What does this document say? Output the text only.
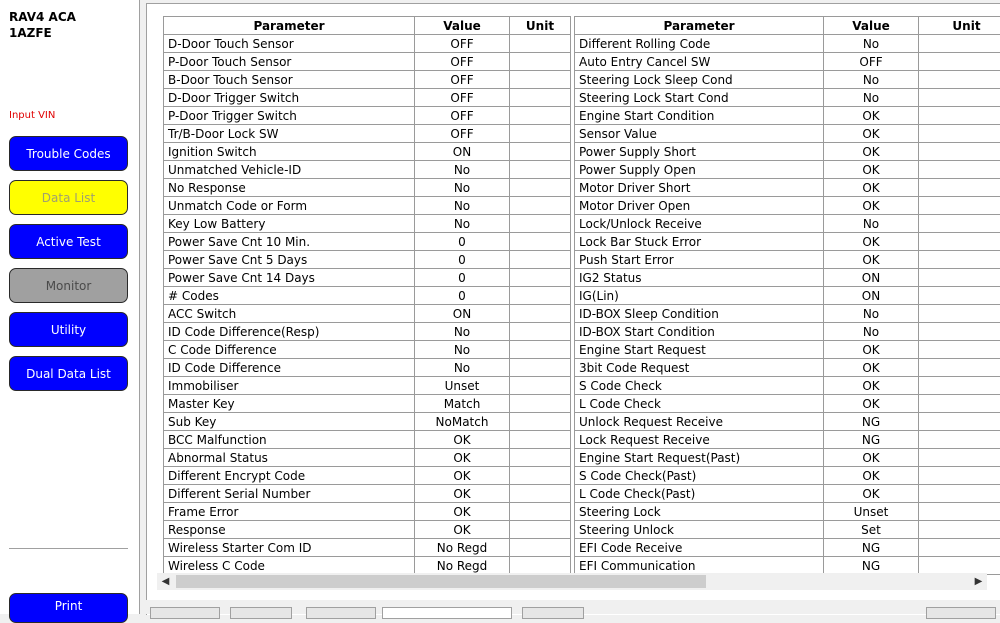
RAV4 ACA
1AZFE
Input VIN
Trouble Codes
Data List
Active Test
Monitor
Utility
Dual Data List
Print
Parameter	Value	Unit
D-Door Touch Sensor	OFF	
P-Door Touch Sensor	OFF	
B-Door Touch Sensor	OFF	
D-Door Trigger Switch	OFF	
P-Door Trigger Switch	OFF	
Tr/B-Door Lock SW	OFF	
Ignition Switch	ON	
Unmatched Vehicle-ID	No	
No Response	No	
Unmatch Code or Form	No	
Key Low Battery	No	
Power Save Cnt 10 Min.	0	
Power Save Cnt 5 Days	0	
Power Save Cnt 14 Days	0	
# Codes	0	
ACC Switch	ON	
ID Code Difference(Resp)	No	
C Code Difference	No	
ID Code Difference	No	
Immobiliser	Unset	
Master Key	Match	
Sub Key	NoMatch	
BCC Malfunction	OK	
Abnormal Status	OK	
Different Encrypt Code	OK	
Different Serial Number	OK	
Frame Error	OK	
Response	OK	
Wireless Starter Com ID	No Regd	
Wireless C Code	No Regd	
Parameter	Value	Unit
Different Rolling Code	No	
Auto Entry Cancel SW	OFF	
Steering Lock Sleep Cond	No	
Steering Lock Start Cond	No	
Engine Start Condition	OK	
Sensor Value	OK	
Power Supply Short	OK	
Power Supply Open	OK	
Motor Driver Short	OK	
Motor Driver Open	OK	
Lock/Unlock Receive	No	
Lock Bar Stuck Error	OK	
Push Start Error	OK	
IG2 Status	ON	
IG(Lin)	ON	
ID-BOX Sleep Condition	No	
ID-BOX Start Condition	No	
Engine Start Request	OK	
3bit Code Request	OK	
S Code Check	OK	
L Code Check	OK	
Unlock Request Receive	NG	
Lock Request Receive	NG	
Engine Start Request(Past)	OK	
S Code Check(Past)	OK	
L Code Check(Past)	OK	
Steering Lock	Unset	
Steering Unlock	Set	
EFI Code Receive	NG	
EFI Communication	NG	
◀	▶
